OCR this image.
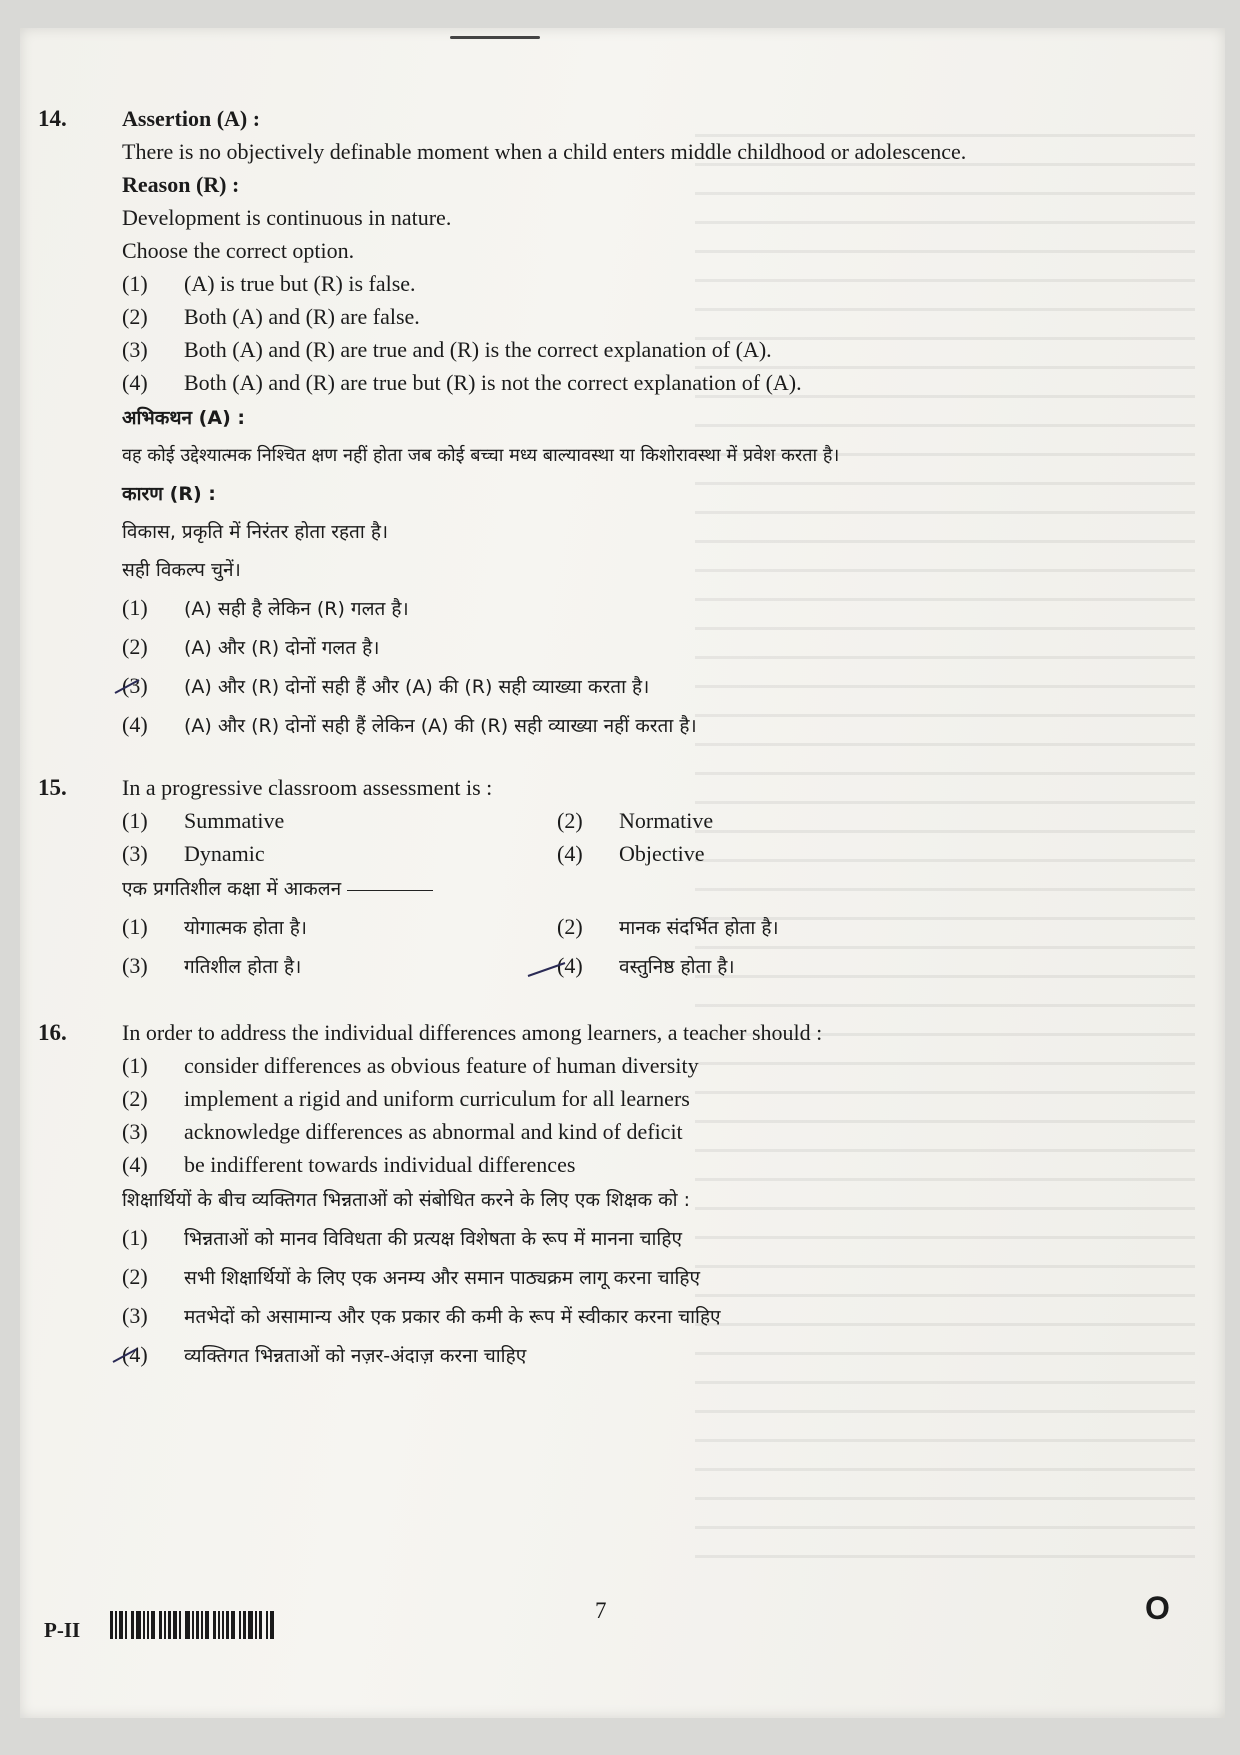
14.	Assertion (A) :

There is no objectively definable moment when a child enters middle childhood or adolescence.

Reason (R) :

Development is continuous in nature.

Choose the correct option.

(1)	(A) is true but (R) is false.
(2)	Both (A) and (R) are false.
(3)	Both (A) and (R) are true and (R) is the correct explanation of (A).
(4)	Both (A) and (R) are true but (R) is not the correct explanation of (A).

अभिकथन (A) :

वह कोई उद्देश्यात्मक निश्चित क्षण नहीं होता जब कोई बच्चा मध्य बाल्यावस्था या किशोरावस्था में प्रवेश करता है।

कारण (R) :

विकास, प्रकृति में निरंतर होता रहता है।

सही विकल्प चुनें।

(1)	(A) सही है लेकिन (R) गलत है।
(2)	(A) और (R) दोनों गलत है।
(3)	(A) और (R) दोनों सही हैं और (A) की (R) सही व्याख्या करता है।
(4)	(A) और (R) दोनों सही हैं लेकिन (A) की (R) सही व्याख्या नहीं करता है।
15.	In a progressive classroom assessment is :

(1)	Summative	(2)	Normative
(3)	Dynamic	(4)	Objective

एक प्रगतिशील कक्षा में आकलन

(1)	योगात्मक होता है।	(2)	मानक संदर्भित होता है।
(3)	गतिशील होता है।	(4)	वस्तुनिष्ठ होता है।
16.	In order to address the individual differences among learners, a teacher should :

(1)	consider differences as obvious feature of human diversity
(2)	implement a rigid and uniform curriculum for all learners
(3)	acknowledge differences as abnormal and kind of deficit
(4)	be indifferent towards individual differences

शिक्षार्थियों के बीच व्यक्तिगत भिन्नताओं को संबोधित करने के लिए एक शिक्षक को :

(1)	भिन्नताओं को मानव विविधता की प्रत्यक्ष विशेषता के रूप में मानना चाहिए
(2)	सभी शिक्षार्थियों के लिए एक अनम्य और समान पाठ्यक्रम लागू करना चाहिए
(3)	मतभेदों को असामान्य और एक प्रकार की कमी के रूप में स्वीकार करना चाहिए
(4)	व्यक्तिगत भिन्नताओं को नज़र-अंदाज़ करना चाहिए
P-II
7	O
